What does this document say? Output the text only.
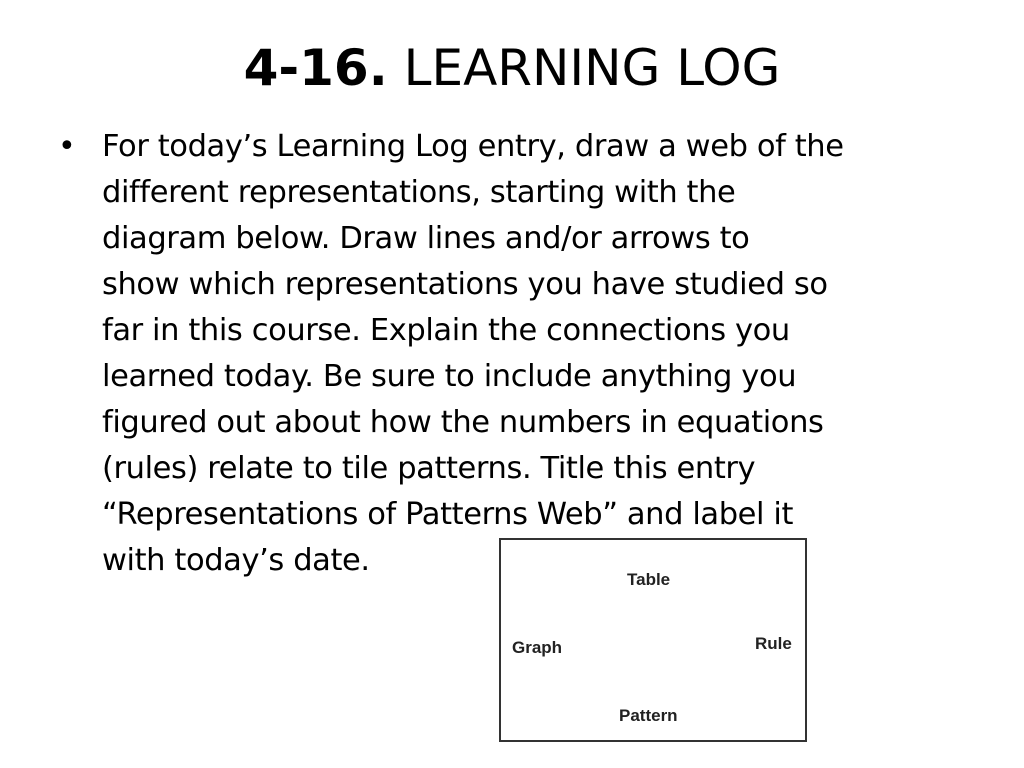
4-16. LEARNING LOG
• For today’s Learning Log entry, draw a web of the
different representations, starting with the
diagram below. Draw lines and/or arrows to
show which representations you have studied so
far in this course. Explain the connections you
learned today. Be sure to include anything you
figured out about how the numbers in equations
(rules) relate to tile patterns. Title this entry
“Representations of Patterns Web” and label it
with today’s date.
Table
Graph	Rule
Pattern
